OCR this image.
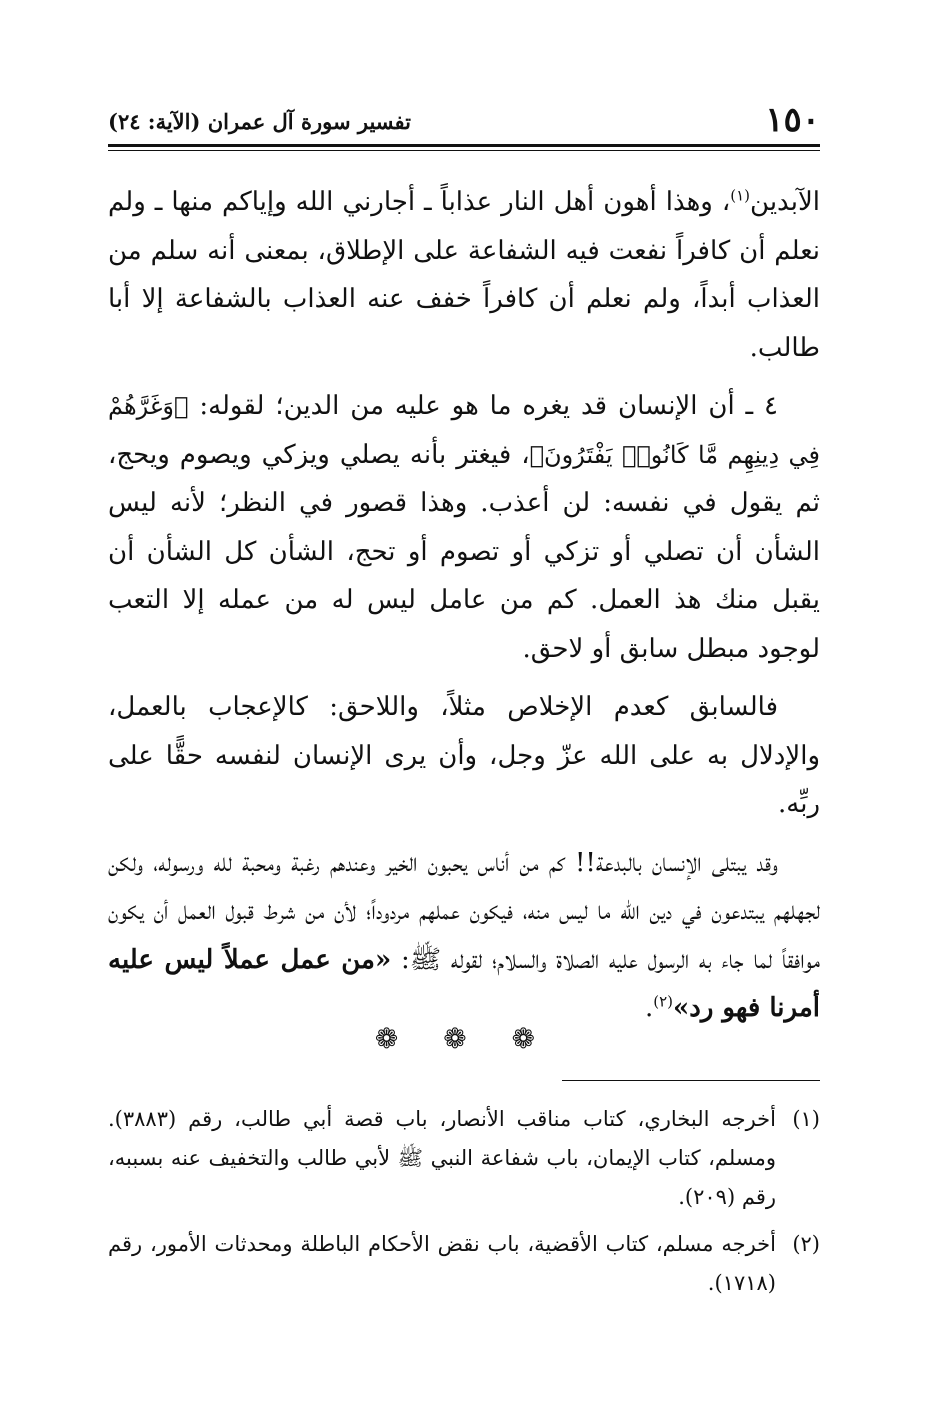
١٥٠
تفسير سورة آل عمران (الآية: ٢٤)

الآبدين$^{(١)}$، وهذا أهون أهل النار عذاباً ـ أجارني الله وإياكم منها ـ ولم نعلم أن كافراً نفعت فيه الشفاعة على الإطلاق، بمعنى أنه سلم من العذاب أبداً، ولم نعلم أن كافراً خفف عنه العذاب بالشفاعة إلا أبا طالب.

٤ ـ أن الإنسان قد يغره ما هو عليه من الدين؛ لقوله: ﴿وَغَرَّهُمْ فِي دِينِهِم مَّا كَانُوا۟ يَفْتَرُونَ﴾، فيغتر بأنه يصلي ويزكي ويصوم ويحج، ثم يقول في نفسه: لن أعذب. وهذا قصور في النظر؛ لأنه ليس الشأن أن تصلي أو تزكي أو تصوم أو تحج، الشأن كل الشأن أن يقبل منك هذ العمل. كم من عامل ليس له من عمله إلا التعب لوجود مبطل سابق أو لاحق.

فالسابق كعدم الإخلاص مثلاً، واللاحق: كالإعجاب بالعمل، والإدلال به على الله عزّ وجل، وأن يرى الإنسان لنفسه حقًّا على ربِّه.

وقد يبتلى الإنسان بالبدعة!! كم من أناس يحبون الخير وعندهم رغبة ومحبة لله ورسوله، ولكن لجهلهم يبتدعون في دين الله ما ليس منه، فيكون عملهم مردوداً؛ لأن من شرط قبول العمل أن يكون موافقاً لما جاء به الرسول عليه الصلاة والسلام؛ لقوله ﷺ: «من عمل عملاً ليس عليه أمرنا فهو رد»$^{(٢)}$.

❁ ❁ ❁
(١)
أخرجه البخاري، كتاب مناقب الأنصار، باب قصة أبي طالب، رقم (٣٨٨٣). ومسلم، كتاب الإيمان، باب شفاعة النبي ﷺ لأبي طالب والتخفيف عنه بسببه، رقم (٢٠٩).
(٢)
أخرجه مسلم، كتاب الأقضية، باب نقض الأحكام الباطلة ومحدثات الأمور، رقم (١٧١٨).
